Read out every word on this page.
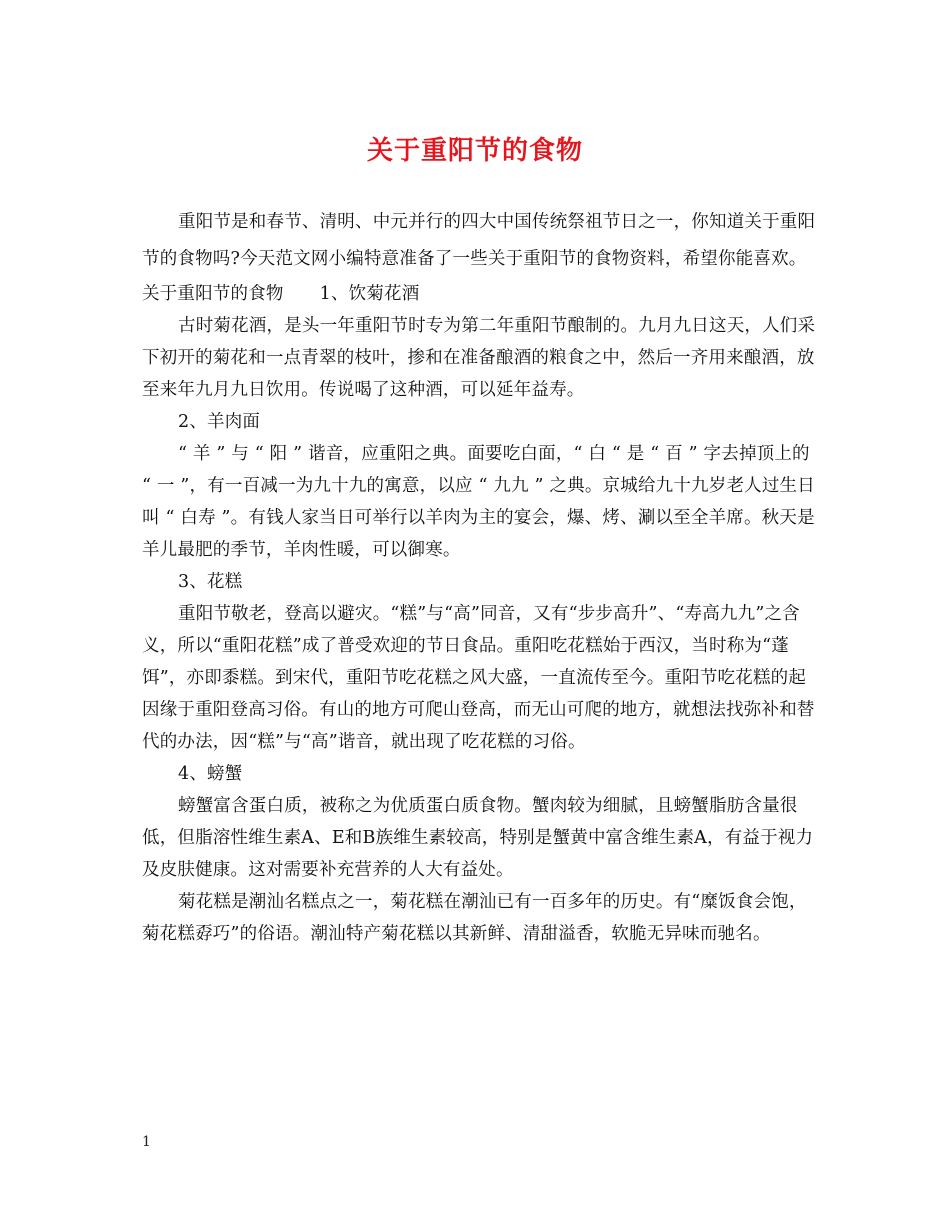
关于重阳节的食物

重阳节是和春节、清明、中元并行的四大中国传统祭祖节日之一，你知道关于重阳节的食物吗?今天范文网小编特意准备了一些关于重阳节的食物资料，希望你能喜欢。

关于重阳节的食物 1、饮菊花酒

古时菊花酒，是头一年重阳节时专为第二年重阳节酿制的。九月九日这天，人们采下初开的菊花和一点青翠的枝叶，掺和在准备酿酒的粮食之中，然后一齐用来酿酒，放至来年九月九日饮用。传说喝了这种酒，可以延年益寿。

2、羊肉面

“ 羊 ” 与 “ 阳 ” 谐音，应重阳之典。面要吃白面，“ 白 “ 是 “ 百 ” 字去掉顶上的 “ 一 ”，有一百减一为九十九的寓意，以应 “ 九九 ” 之典。京城给九十九岁老人过生日叫 “ 白寿 ”。有钱人家当日可举行以羊肉为主的宴会，爆、烤、涮以至全羊席。秋天是羊儿最肥的季节，羊肉性暖，可以御寒。

3、花糕

重阳节敬老，登高以避灾。“糕”与“高”同音，又有“步步高升”、“寿高九九”之含义，所以“重阳花糕”成了普受欢迎的节日食品。重阳吃花糕始于西汉，当时称为“蓬饵”，亦即黍糕。到宋代，重阳节吃花糕之风大盛，一直流传至今。重阳节吃花糕的起因缘于重阳登高习俗。有山的地方可爬山登高，而无山可爬的地方，就想法找弥补和替代的办法，因“糕”与“高”谐音，就出现了吃花糕的习俗。

4、螃蟹

螃蟹富含蛋白质，被称之为优质蛋白质食物。蟹肉较为细腻，且螃蟹脂肪含量很低，但脂溶性维生素A、E和B族维生素较高，特别是蟹黄中富含维生素A，有益于视力及皮肤健康。这对需要补充营养的人大有益处。

菊花糕是潮汕名糕点之一，菊花糕在潮汕已有一百多年的历史。有“糜饭食会饱，菊花糕孬巧”的俗语。潮汕特产菊花糕以其新鲜、清甜溢香，软脆无异味而驰名。

1
